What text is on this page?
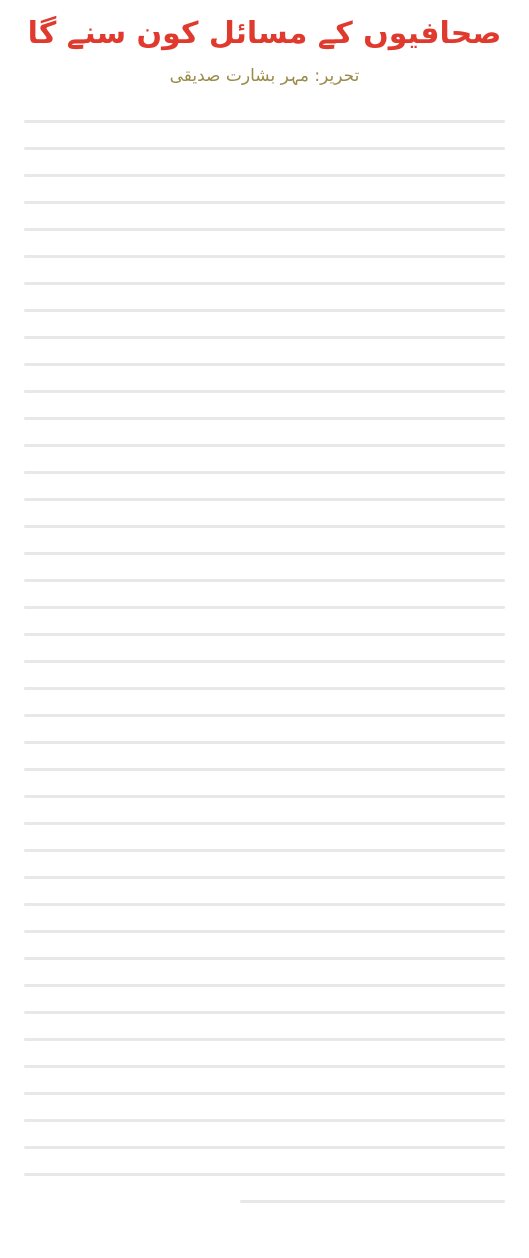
صحافیوں کے مسائل کون سنے گا
تحریر: مہر بشارت صدیقی
